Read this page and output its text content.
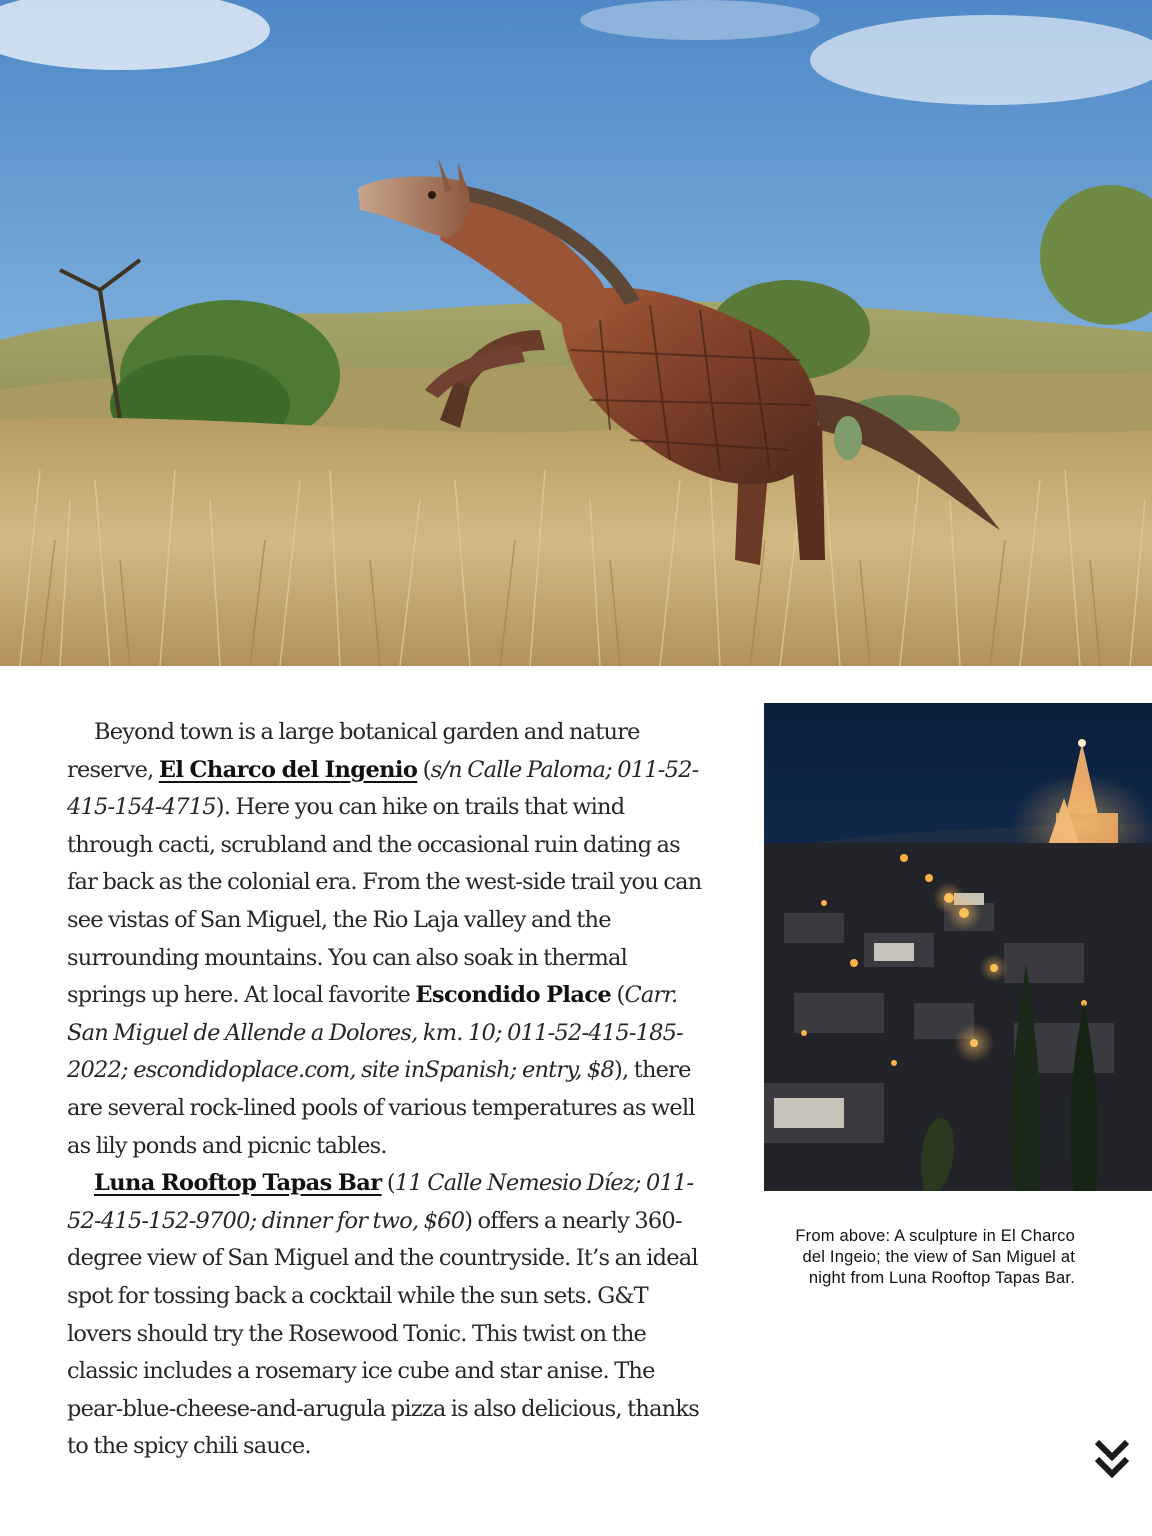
Beyond town is a large botanical garden and nature reserve, El Charco del Ingenio (s/n Calle Paloma; 011-52-415-154-4715). Here you can hike on trails that wind through cacti, scrubland and the occasional ruin dating as far back as the colonial era. From the west-side trail you can see vistas of San Miguel, the Rio Laja valley and the surrounding mountains. You can also soak in thermal springs up here. At local favorite Escondido Place (Carr. San Miguel de Allende a Dolores, km. 10; 011-52-415-185-2022; escondidoplace.com, site inSpanish; entry, $8), there are several rock-lined pools of various temperatures as well as lily ponds and picnic tables.

Luna Rooftop Tapas Bar (11 Calle Nemesio Díez; 011-52-415-152-9700; dinner for two, $60) offers a nearly 360-degree view of San Miguel and the countryside. It’s an ideal spot for tossing back a cocktail while the sun sets. G&T lovers should try the Rosewood Tonic. This twist on the classic includes a rosemary ice cube and star anise. The pear-blue-cheese-and-arugula pizza is also delicious, thanks to the spicy chili sauce.

From above: A sculpture in El Charco del Ingeio; the view of San Miguel at night from Luna Rooftop Tapas Bar.
